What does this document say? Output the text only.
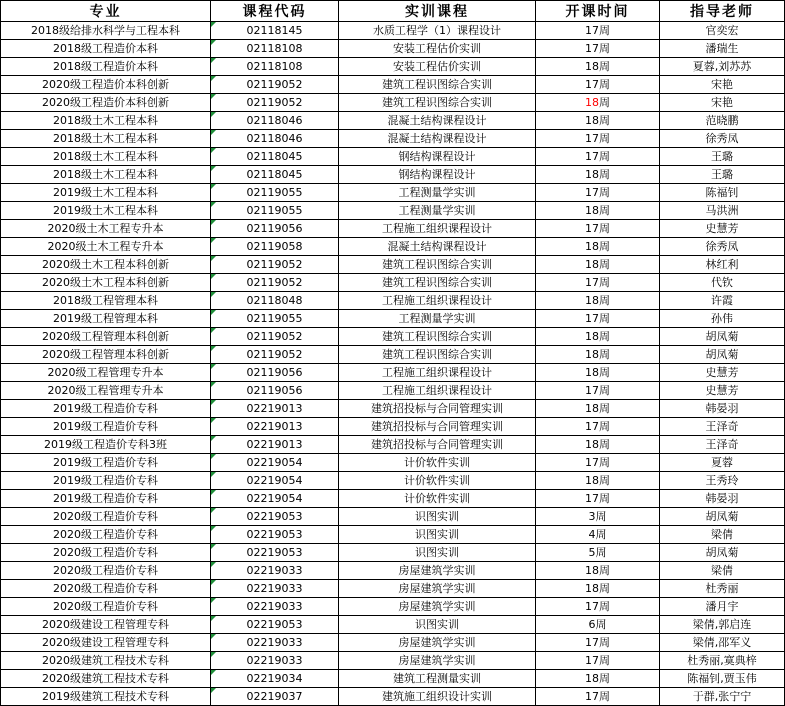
专业	课程代码	实训课程	开课时间	指导老师
2018级给排水科学与工程本科	02118145	水质工程学（1）课程设计	17周	官奕宏
2018级工程造价本科	02118108	安装工程估价实训	17周	潘瑞生
2018级工程造价本科	02118108	安装工程估价实训	18周	夏蓉,刘苏苏
2020级工程造价本科创新	02119052	建筑工程识图综合实训	17周	宋艳
2020级工程造价本科创新	02119052	建筑工程识图综合实训	18周	宋艳
2018级土木工程本科	02118046	混凝土结构课程设计	18周	范晓鹏
2018级土木工程本科	02118046	混凝土结构课程设计	17周	徐秀凤
2018级土木工程本科	02118045	钢结构课程设计	17周	王璐
2018级土木工程本科	02118045	钢结构课程设计	18周	王璐
2019级土木工程本科	02119055	工程测量学实训	17周	陈福钊
2019级土木工程本科	02119055	工程测量学实训	18周	马洪洲
2020级土木工程专升本	02119056	工程施工组织课程设计	17周	史慧芳
2020级土木工程专升本	02119058	混凝土结构课程设计	18周	徐秀凤
2020级土木工程本科创新	02119052	建筑工程识图综合实训	18周	林红利
2020级土木工程本科创新	02119052	建筑工程识图综合实训	17周	代钦
2018级工程管理本科	02118048	工程施工组织课程设计	18周	许霞
2019级工程管理本科	02119055	工程测量学实训	17周	孙伟
2020级工程管理本科创新	02119052	建筑工程识图综合实训	18周	胡凤菊
2020级工程管理本科创新	02119052	建筑工程识图综合实训	18周	胡凤菊
2020级工程管理专升本	02119056	工程施工组织课程设计	18周	史慧芳
2020级工程管理专升本	02119056	工程施工组织课程设计	17周	史慧芳
2019级工程造价专科	02219013	建筑招投标与合同管理实训	18周	韩晏羽
2019级工程造价专科	02219013	建筑招投标与合同管理实训	17周	王泽奇
2019级工程造价专科3班	02219013	建筑招投标与合同管理实训	18周	王泽奇
2019级工程造价专科	02219054	计价软件实训	17周	夏蓉
2019级工程造价专科	02219054	计价软件实训	18周	王秀玲
2019级工程造价专科	02219054	计价软件实训	17周	韩晏羽
2020级工程造价专科	02219053	识图实训	3周	胡凤菊
2020级工程造价专科	02219053	识图实训	4周	梁倩
2020级工程造价专科	02219053	识图实训	5周	胡凤菊
2020级工程造价专科	02219033	房屋建筑学实训	18周	梁倩
2020级工程造价专科	02219033	房屋建筑学实训	18周	杜秀丽
2020级工程造价专科	02219033	房屋建筑学实训	17周	潘月宇
2020级建设工程管理专科	02219053	识图实训	6周	梁倩,郭启连
2020级建设工程管理专科	02219033	房屋建筑学实训	17周	梁倩,邵军义
2020级建筑工程技术专科	02219033	房屋建筑学实训	17周	杜秀丽,寞典梓
2020级建筑工程技术专科	02219034	建筑工程测量实训	18周	陈福钊,贾玉伟
2019级建筑工程技术专科	02219037	建筑施工组织设计实训	17周	于群,张宁宁
